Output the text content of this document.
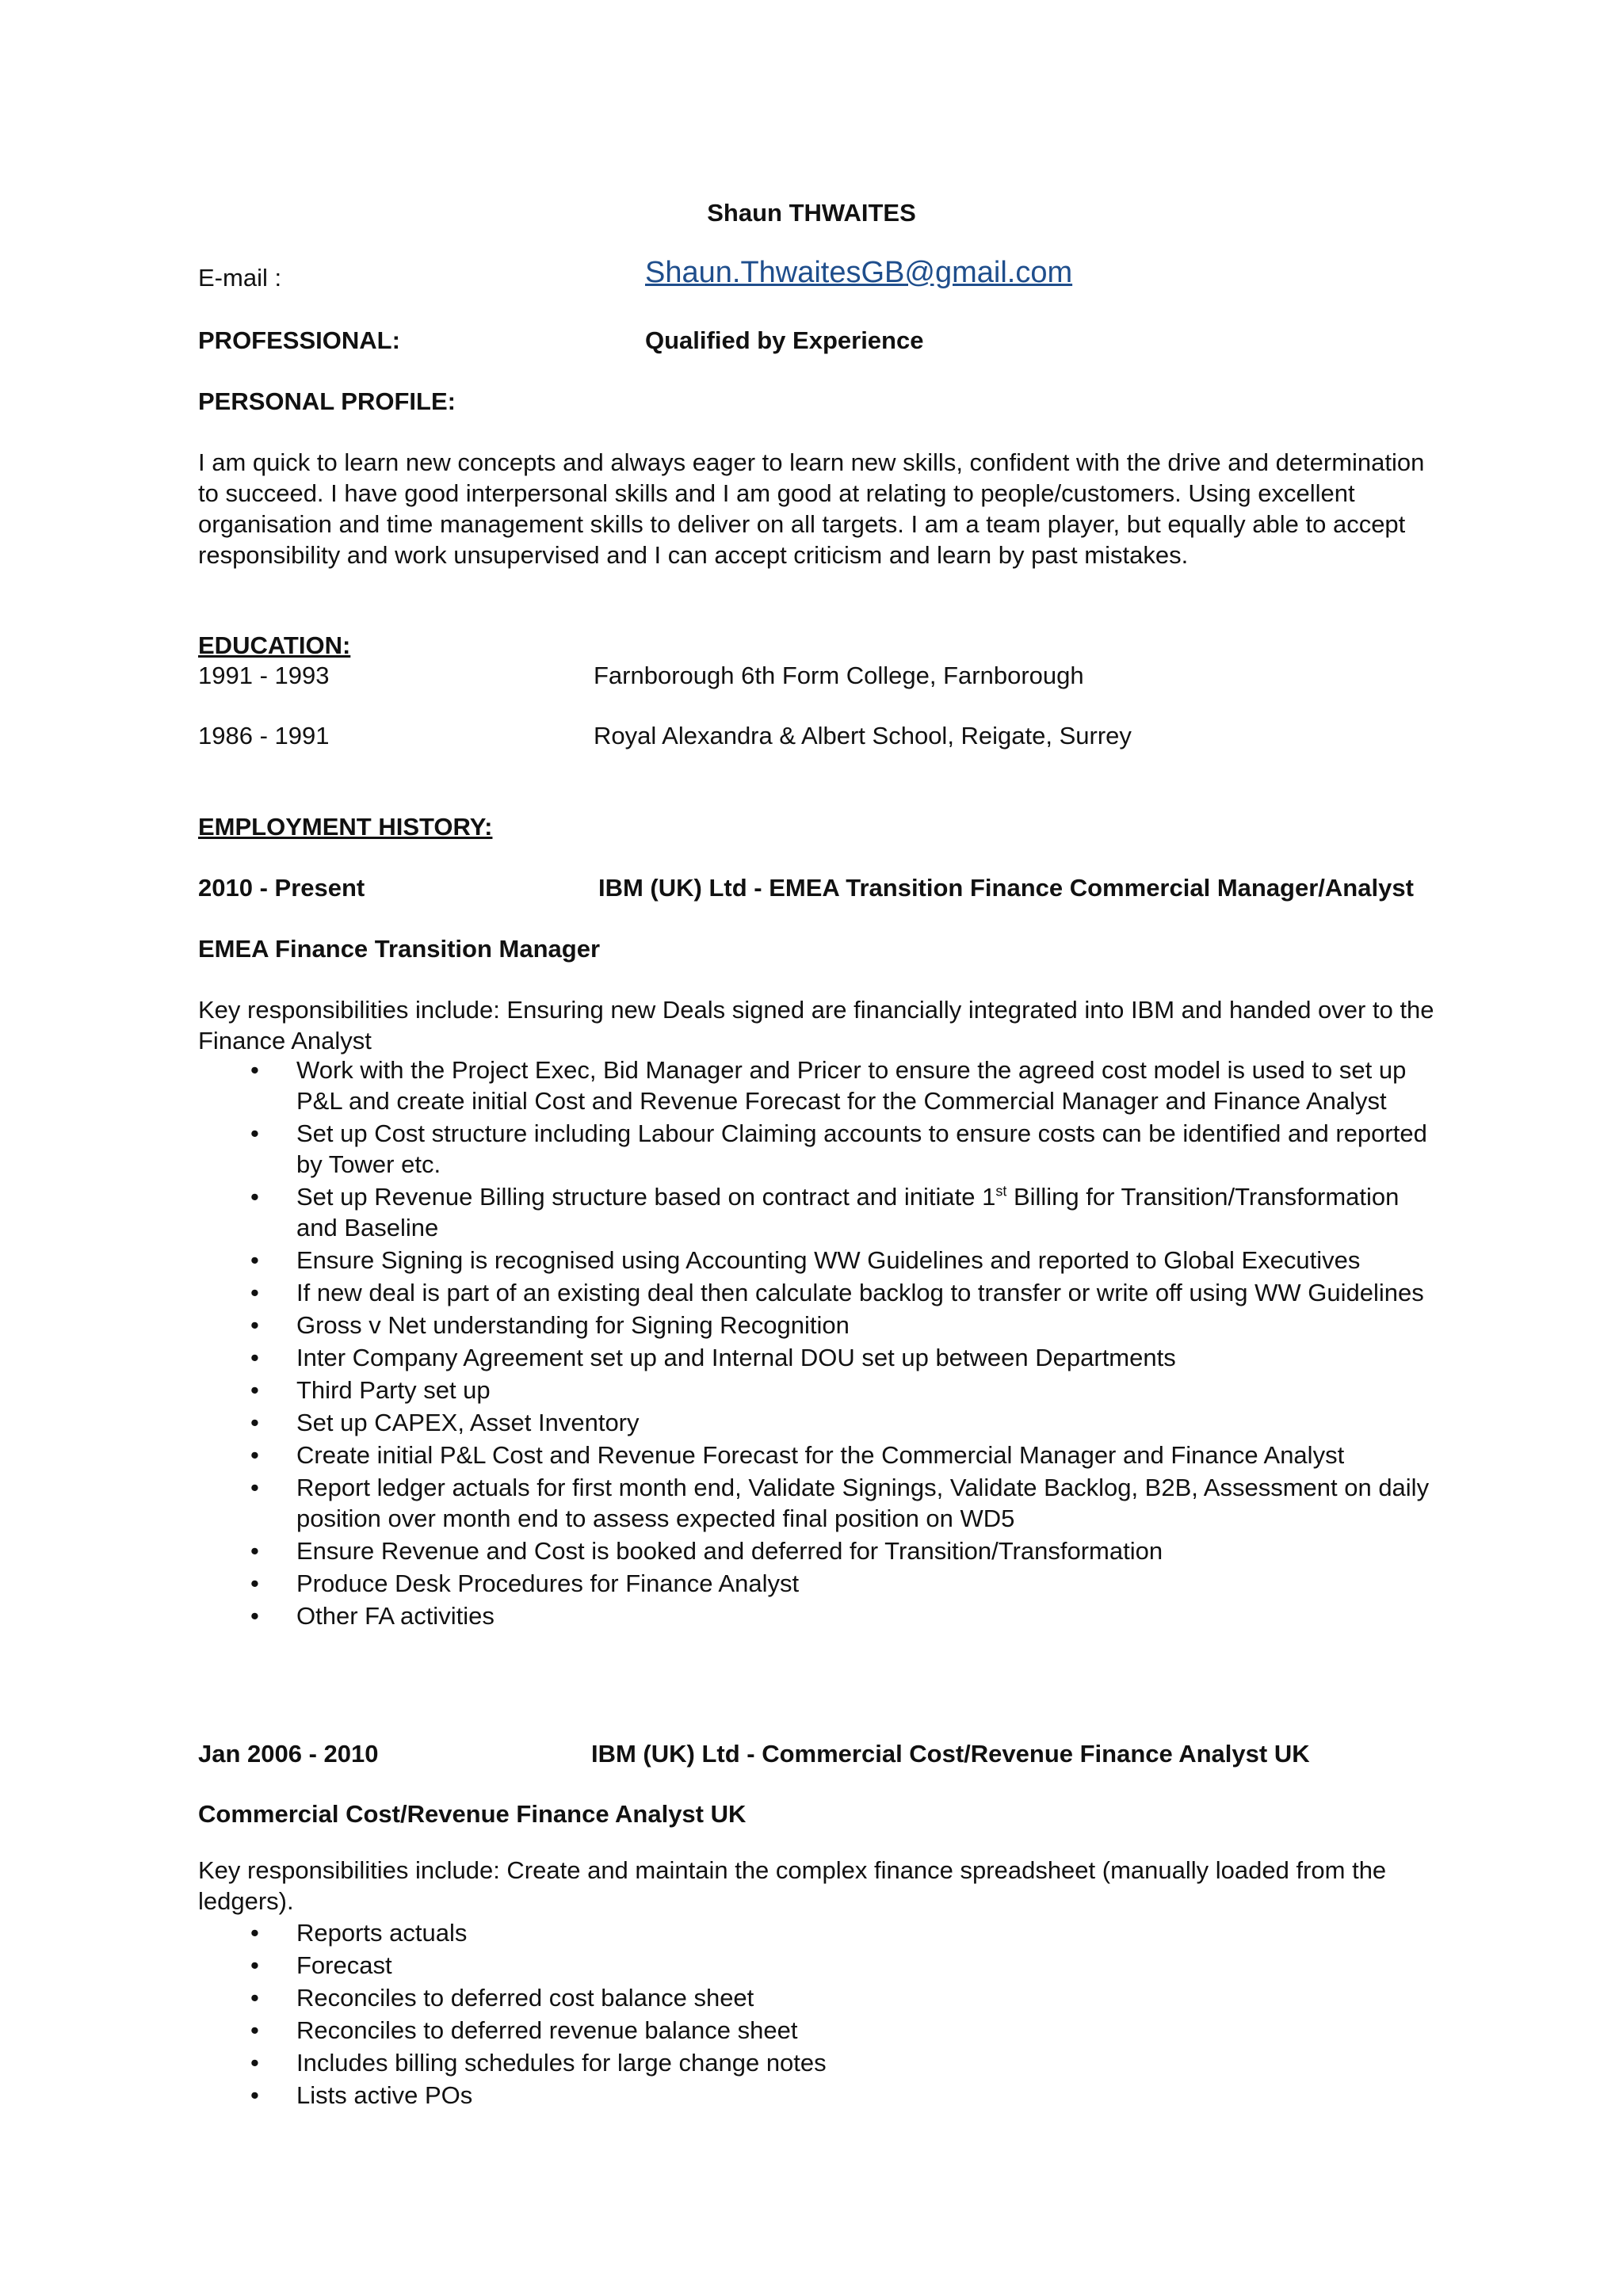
Shaun THWAITES
E-mail :	Shaun.ThwaitesGB@gmail.com
PROFESSIONAL:	Qualified by Experience
PERSONAL PROFILE:
I am quick to learn new concepts and always eager to learn new skills, confident with the drive and determination to succeed. I have good interpersonal skills and I am good at relating to people/customers. Using excellent organisation and time management skills to deliver on all targets. I am a team player, but equally able to accept responsibility and work unsupervised and I can accept criticism and learn by past mistakes.
EDUCATION:
1991 - 1993	Farnborough 6th Form College, Farnborough
1986 - 1991	Royal Alexandra & Albert School, Reigate, Surrey
EMPLOYMENT HISTORY:
2010 - Present	IBM (UK) Ltd - EMEA Transition Finance Commercial Manager/Analyst
EMEA Finance Transition Manager
Key responsibilities include: Ensuring new Deals signed are financially integrated into IBM and handed over to the Finance Analyst
• Work with the Project Exec, Bid Manager and Pricer to ensure the agreed cost model is used to set up P&L and create initial Cost and Revenue Forecast for the Commercial Manager and Finance Analyst
• Set up Cost structure including Labour Claiming accounts to ensure costs can be identified and reported by Tower etc.
• Set up Revenue Billing structure based on contract and initiate 1st Billing for Transition/Transformation and Baseline
• Ensure Signing is recognised using Accounting WW Guidelines and reported to Global Executives
• If new deal is part of an existing deal then calculate backlog to transfer or write off using WW Guidelines
• Gross v Net understanding for Signing Recognition
• Inter Company Agreement set up and Internal DOU set up between Departments
• Third Party set up
• Set up CAPEX, Asset Inventory
• Create initial P&L Cost and Revenue Forecast for the Commercial Manager and Finance Analyst
• Report ledger actuals for first month end, Validate Signings, Validate Backlog, B2B, Assessment on daily position over month end to assess expected final position on WD5
• Ensure Revenue and Cost is booked and deferred for Transition/Transformation
• Produce Desk Procedures for Finance Analyst
• Other FA activities
Jan 2006 - 2010	IBM (UK) Ltd - Commercial Cost/Revenue Finance Analyst UK
Commercial Cost/Revenue Finance Analyst UK
Key responsibilities include: Create and maintain the complex finance spreadsheet (manually loaded from the ledgers).
• Reports actuals
• Forecast
• Reconciles to deferred cost balance sheet
• Reconciles to deferred revenue balance sheet
• Includes billing schedules for large change notes
• Lists active POs
